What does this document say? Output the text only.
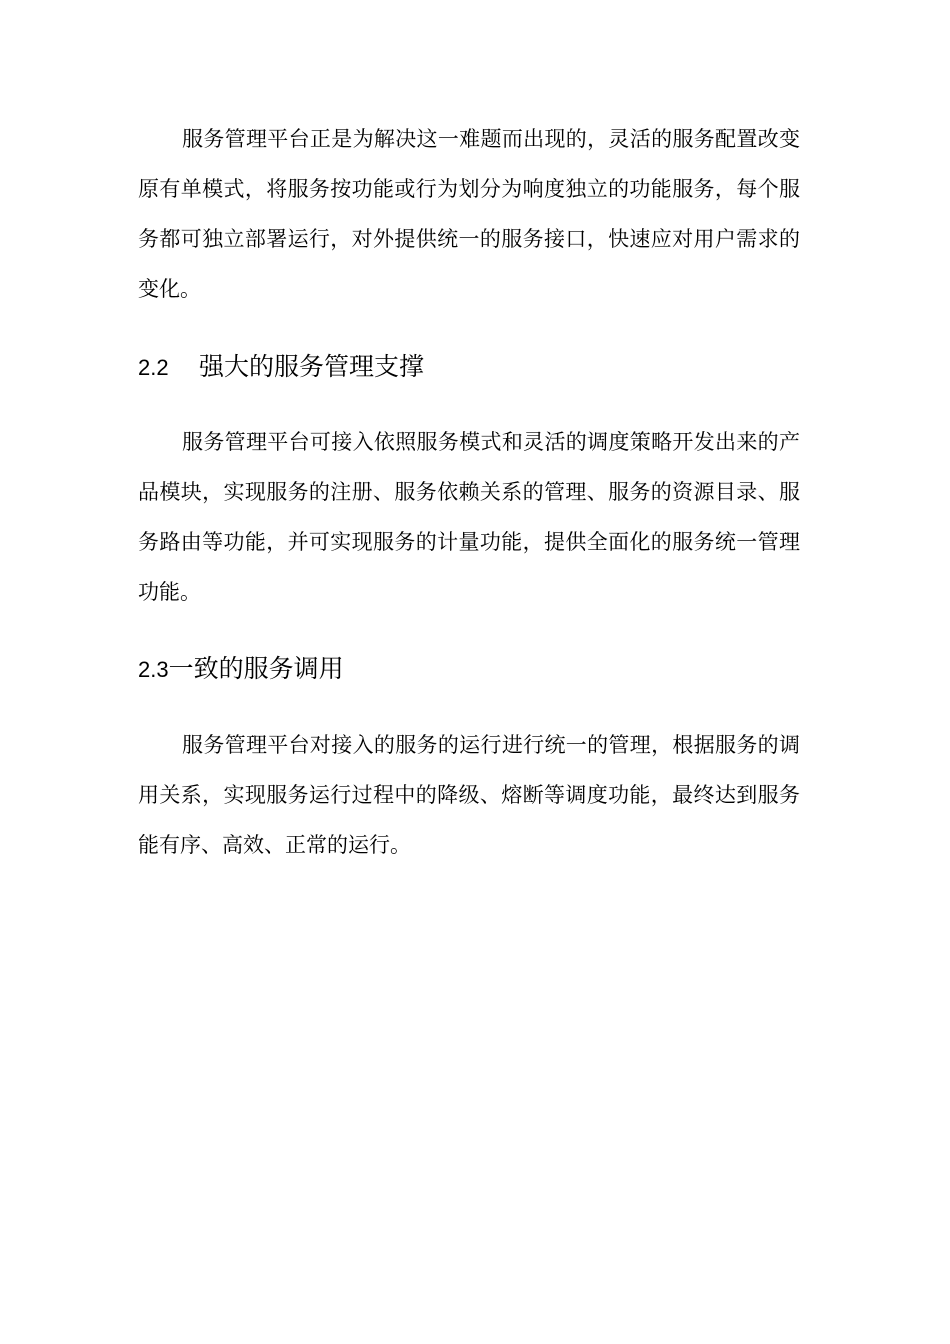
服务管理平台正是为解决这一难题而出现的，灵活的服务配置改变原有单模式，将服务按功能或行为划分为响度独立的功能服务，每个服务都可独立部署运行，对外提供统一的服务接口，快速应对用户需求的变化。

2.2 强大的服务管理支撑

服务管理平台可接入依照服务模式和灵活的调度策略开发出来的产品模块，实现服务的注册、服务依赖关系的管理、服务的资源目录、服务路由等功能，并可实现服务的计量功能，提供全面化的服务统一管理功能。

2.3一致的服务调用

服务管理平台对接入的服务的运行进行统一的管理，根据服务的调用关系，实现服务运行过程中的降级、熔断等调度功能，最终达到服务能有序、高效、正常的运行。
